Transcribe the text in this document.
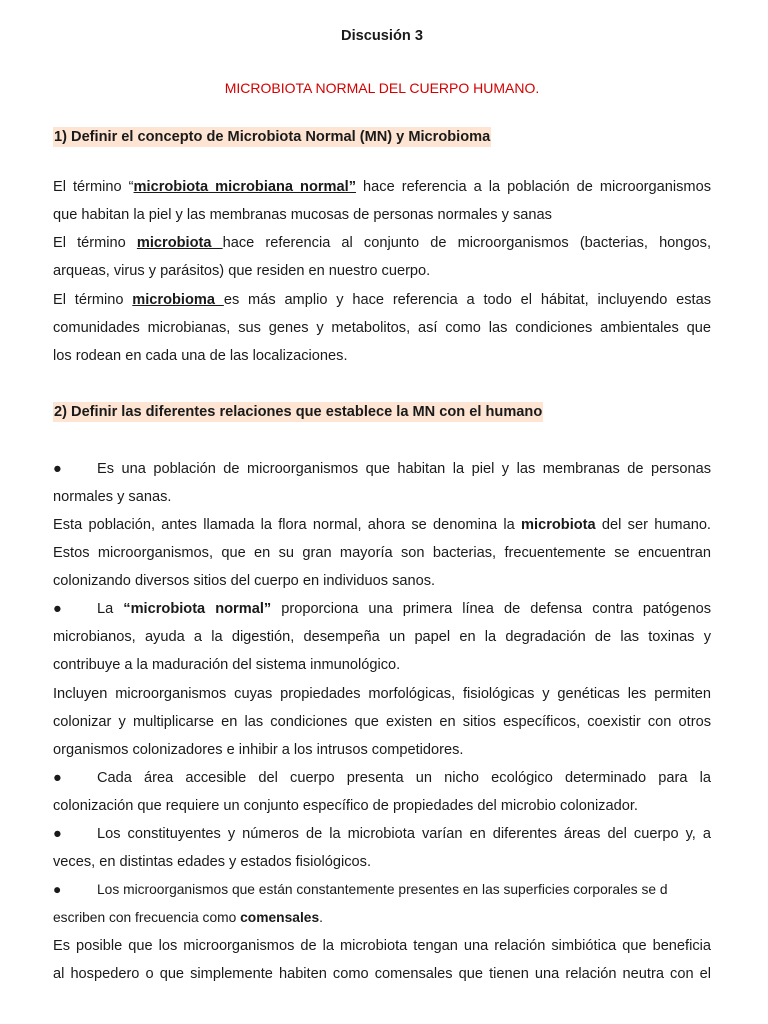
Discusión 3
MICROBIOTA NORMAL DEL CUERPO HUMANO.
1) Definir el concepto de Microbiota Normal (MN) y Microbioma
El término “microbiota microbiana normal” hace referencia a la población de microorganismos
que habitan la piel y las membranas mucosas de personas normales y sanas
El término microbiota hace referencia al conjunto de microorganismos (bacterias, hongos,
arqueas, virus y parásitos) que residen en nuestro cuerpo.
El término microbioma es más amplio y hace referencia a todo el hábitat, incluyendo estas
comunidades microbianas, sus genes y metabolitos, así como las condiciones ambientales que
los rodean en cada una de las localizaciones.
2) Definir las diferentes relaciones que establece la MN con el humano
● Es una población de microorganismos que habitan la piel y las membranas de personas
normales y sanas.
Esta población, antes llamada la flora normal, ahora se denomina la microbiota del ser humano.
Estos microorganismos, que en su gran mayoría son bacterias, frecuentemente se encuentran
colonizando diversos sitios del cuerpo en individuos sanos.
● La “microbiota normal” proporciona una primera línea de defensa contra patógenos
microbianos, ayuda a la digestión, desempeña un papel en la degradación de las toxinas y
contribuye a la maduración del sistema inmunológico.
Incluyen microorganismos cuyas propiedades morfológicas, fisiológicas y genéticas les permiten
colonizar y multiplicarse en las condiciones que existen en sitios específicos, coexistir con otros
organismos colonizadores e inhibir a los intrusos competidores.
● Cada área accesible del cuerpo presenta un nicho ecológico determinado para la
colonización que requiere un conjunto específico de propiedades del microbio colonizador.
● Los constituyentes y números de la microbiota varían en diferentes áreas del cuerpo y, a
veces, en distintas edades y estados fisiológicos.
●	Los microorganismos que están constantemente presentes en las superficies corporales se d
escriben con frecuencia como comensales.
Es posible que los microorganismos de la microbiota tengan una relación simbiótica que beneficia
al hospedero o que simplemente habiten como comensales que tienen una relación neutra con el
